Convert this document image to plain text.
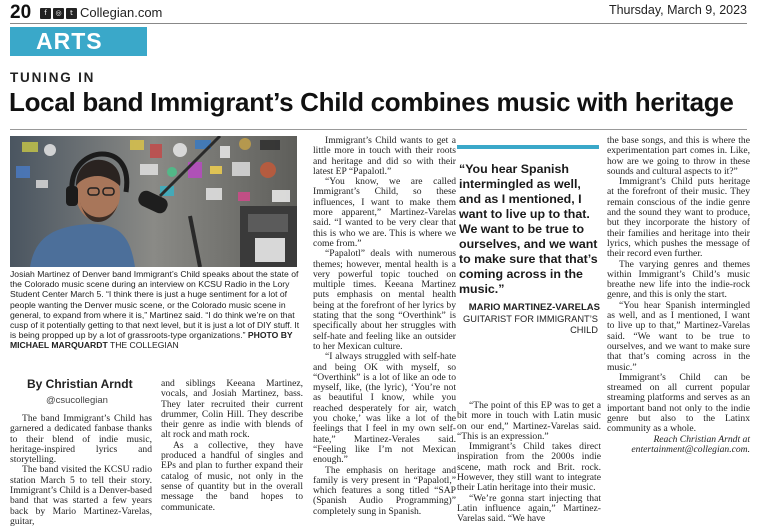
20	f	◎	t Collegian.com	Thursday, March 9, 2023
ARTS
TUNING IN
Local band Immigrant’s Child combines music with heritage
Josiah Martinez of Denver band Immigrant’s Child speaks about the state of the Colorado music scene during an interview on KCSU Radio in the Lory Student Center March 5. “I think there is just a huge sentiment for a lot of people wanting the Denver music scene, or the Colorado music scene in general, to expand from where it is,” Martinez said. “I do think we’re on that cusp of it potentially getting to that next level, but it is just a lot of DIY stuff. It is being propped up by a lot of grassroots-type organizations.” PHOTO BY MICHAEL MARQUARDT THE COLLEGIAN
By Christian Arndt
@csucollegian

The band Immigrant’s Child has garnered a dedicated fanbase thanks to their blend of indie music, heritage-inspired lyrics and storytelling.

The band visited the KCSU radio station March 5 to tell their story. Immigrant’s Child is a Denver-based band that was started a few years back by Mario Martinez-Varelas, guitar,

and siblings Keeana Martinez, vocals, and Josiah Martinez, bass. They later recruited their current drummer, Colin Hill. They describe their genre as indie with blends of alt rock and math rock.

As a collective, they have produced a handful of singles and EPs and plan to further expand their catalog of music, not only in the sense of quantity but in the overall message the band hopes to communicate.

Immigrant’s Child wants to get a little more in touch with their roots and heritage and did so with their latest EP “Papalotl.”

“You know, we are called Immigrant’s Child, so these influences, I want to make them more apparent,” Martinez-Varelas said. “I wanted to be very clear that this is who we are. This is where we come from.”

“Papalotl” deals with numerous themes; however, mental health is a very powerful topic touched on multiple times. Keeana Martinez puts emphasis on mental health being at the forefront of her lyrics by stating that the song “Overthink” is specifically about her struggles with self-hate and feeling like an outsider to her Mexican culture.

“I always struggled with self-hate and being OK with myself, so “Overthink” is a lot of like an ode to myself, like, (the lyric), ‘You’re not as beautiful I know, while you reached desperately for air, watch you choke,’ was like a lot of the feelings that I feel in my own self-hate,” Martinez-Verales said. “Feeling like I’m not Mexican enough.”

The emphasis on heritage and family is very present in “Papalotl,” which features a song titled “SAP (Spanish Audio Programming)” completely sung in Spanish.

“You hear Spanish intermingled as well, and as I mentioned, I want to live up to that. We want to be true to ourselves, and we want to make sure that that’s coming across in the music.”
MARIO MARTINEZ-VARELAS
GUITARIST FOR IMMIGRANT’S CHILD

“The point of this EP was to get a bit more in touch with Latin music on our end,” Martinez-Varelas said. “This is an expression.”

Immigrant’s Child takes direct inspiration from the 2000s indie scene, math rock and Brit. rock. However, they still want to integrate their Latin heritage into their music.

“We’re gonna start injecting that Latin influence again,” Martinez-Varelas said. “We have

the base songs, and this is where the experimentation part comes in. Like, how are we going to throw in these sounds and cultural aspects to it?”

Immigrant’s Child puts heritage at the forefront of their music. They remain conscious of the indie genre and the sound they want to produce, but they incorporate the history of their families and heritage into their lyrics, which pushes the message of their record even further.

The varying genres and themes within Immigrant’s Child’s music breathe new life into the indie-rock genre, and this is only the start.

“You hear Spanish intermingled as well, and as I mentioned, I want to live up to that,” Martinez-Varelas said. “We want to be true to ourselves, and we want to make sure that that’s coming across in the music.”

Immigrant’s Child can be streamed on all current popular streaming platforms and serves as an important band not only to the indie genre but also to the Latinx community as a whole.

Reach Christian Arndt at entertainment@collegian.com.
